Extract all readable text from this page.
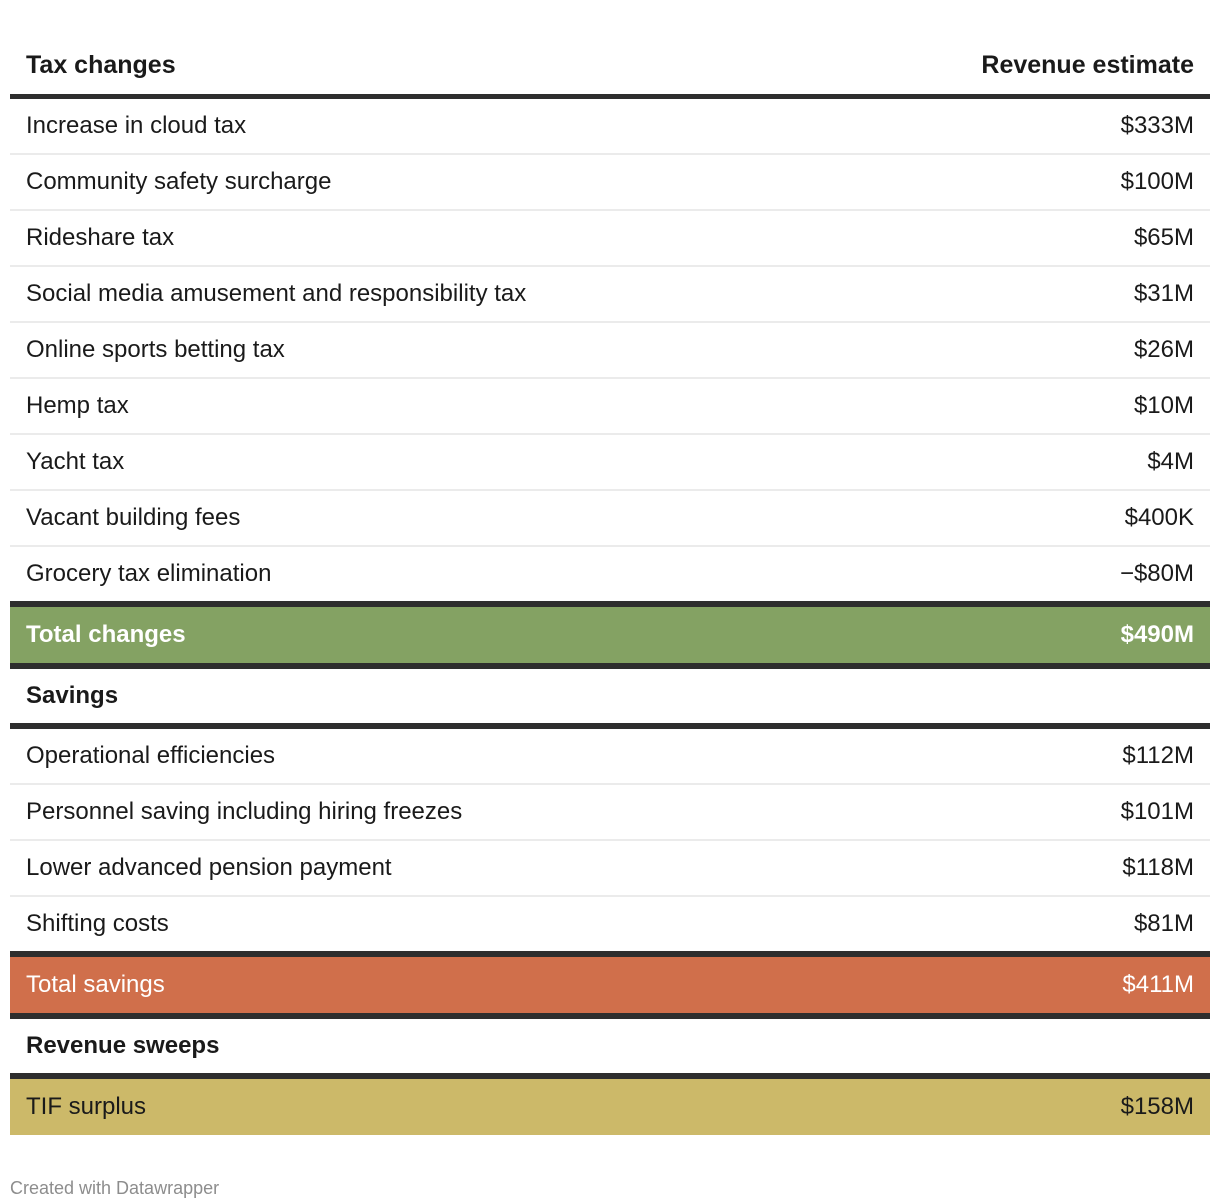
Tax changes	Revenue estimate
Increase in cloud tax	$333M
Community safety surcharge	$100M
Rideshare tax	$65M
Social media amusement and responsibility tax	$31M
Online sports betting tax	$26M
Hemp tax	$10M
Yacht tax	$4M
Vacant building fees	$400K
Grocery tax elimination	−$80M
Total changes	$490M
Savings	
Operational efficiencies	$112M
Personnel saving including hiring freezes	$101M
Lower advanced pension payment	$118M
Shifting costs	$81M
Total savings	$411M
Revenue sweeps	
TIF surplus	$158M
Created with Datawrapper
